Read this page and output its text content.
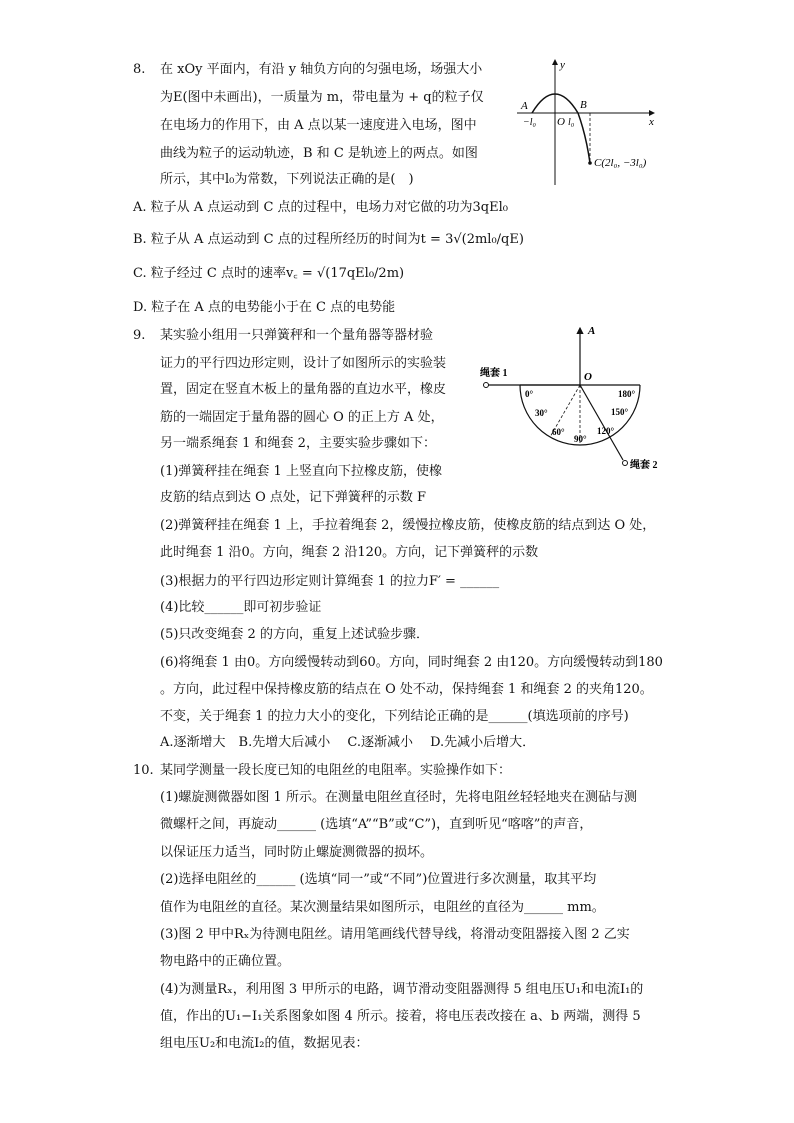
8. 在 xOy 平面内，有沿 y 轴负方向的匀强电场，场强大小
为E(图中未画出)，一质量为 m，带电量为 + q的粒子仅
在电场力的作用下，由 A 点以某一速度进入电场，图中
曲线为粒子的运动轨迹，B 和 C 是轨迹上的两点。如图
所示，其中l₀为常数，下列说法正确的是(　)
y
x
A	B
O
−l₀	l₀
C(2l₀, −3l₀)
A. 粒子从 A 点运动到 C 点的过程中，电场力对它做的功为3qEl₀
B. 粒子从 A 点运动到 C 点的过程所经历的时间为t = 3√(2ml₀/qE)
C. 粒子经过 C 点时的速率v꜀ = √(17qEl₀/2m)
D. 粒子在 A 点的电势能小于在 C 点的电势能
9. 某实验小组用一只弹簧秤和一个量角器等器材验
证力的平行四边形定则，设计了如图所示的实验装
置，固定在竖直木板上的量角器的直边水平，橡皮
筋的一端固定于量角器的圆心 O 的正上方 A 处，
另一端系绳套 1 和绳套 2，主要实验步骤如下：
(1)弹簧秤挂在绳套 1 上竖直向下拉橡皮筋，使橡
皮筋的结点到达 O 点处，记下弹簧秤的示数 F
A
O
绳套 1
绳套 2
0°
30°
60°
90°
120°
150°
180°
(2)弹簧秤挂在绳套 1 上，手拉着绳套 2，缓慢拉橡皮筋，使橡皮筋的结点到达 O 处，
此时绳套 1 沿0。方向，绳套 2 沿120。方向，记下弹簧秤的示数
(3)根据力的平行四边形定则计算绳套 1 的拉力F′ = ______
(4)比较______即可初步验证
(5)只改变绳套 2 的方向，重复上述试验步骤．
(6)将绳套 1 由0。方向缓慢转动到60。方向，同时绳套 2 由120。方向缓慢转动到180
。方向，此过程中保持橡皮筋的结点在 O 处不动，保持绳套 1 和绳套 2 的夹角120。
不变，关于绳套 1 的拉力大小的变化，下列结论正确的是______(填选项前的序号)
A.逐渐增大　B.先增大后减小　 C.逐渐减小　 D.先减小后增大．
10. 某同学测量一段长度已知的电阻丝的电阻率。实验操作如下：
(1)螺旋测微器如图 1 所示。在测量电阻丝直径时，先将电阻丝轻轻地夹在测砧与测
微螺杆之间，再旋动______ (选填“A”“B”或“C”)，直到听见“喀喀”的声音，
以保证压力适当，同时防止螺旋测微器的损坏。
(2)选择电阻丝的______ (选填“同一”或“不同”)位置进行多次测量，取其平均
值作为电阻丝的直径。某次测量结果如图所示，电阻丝的直径为______ mm。
(3)图 2 甲中Rₓ为待测电阻丝。请用笔画线代替导线，将滑动变阻器接入图 2 乙实
物电路中的正确位置。
(4)为测量Rₓ，利用图 3 甲所示的电路，调节滑动变阻器测得 5 组电压U₁和电流I₁的
值，作出的U₁−I₁关系图象如图 4 所示。接着，将电压表改接在 a、b 两端，测得 5
组电压U₂和电流I₂的值，数据见表：
